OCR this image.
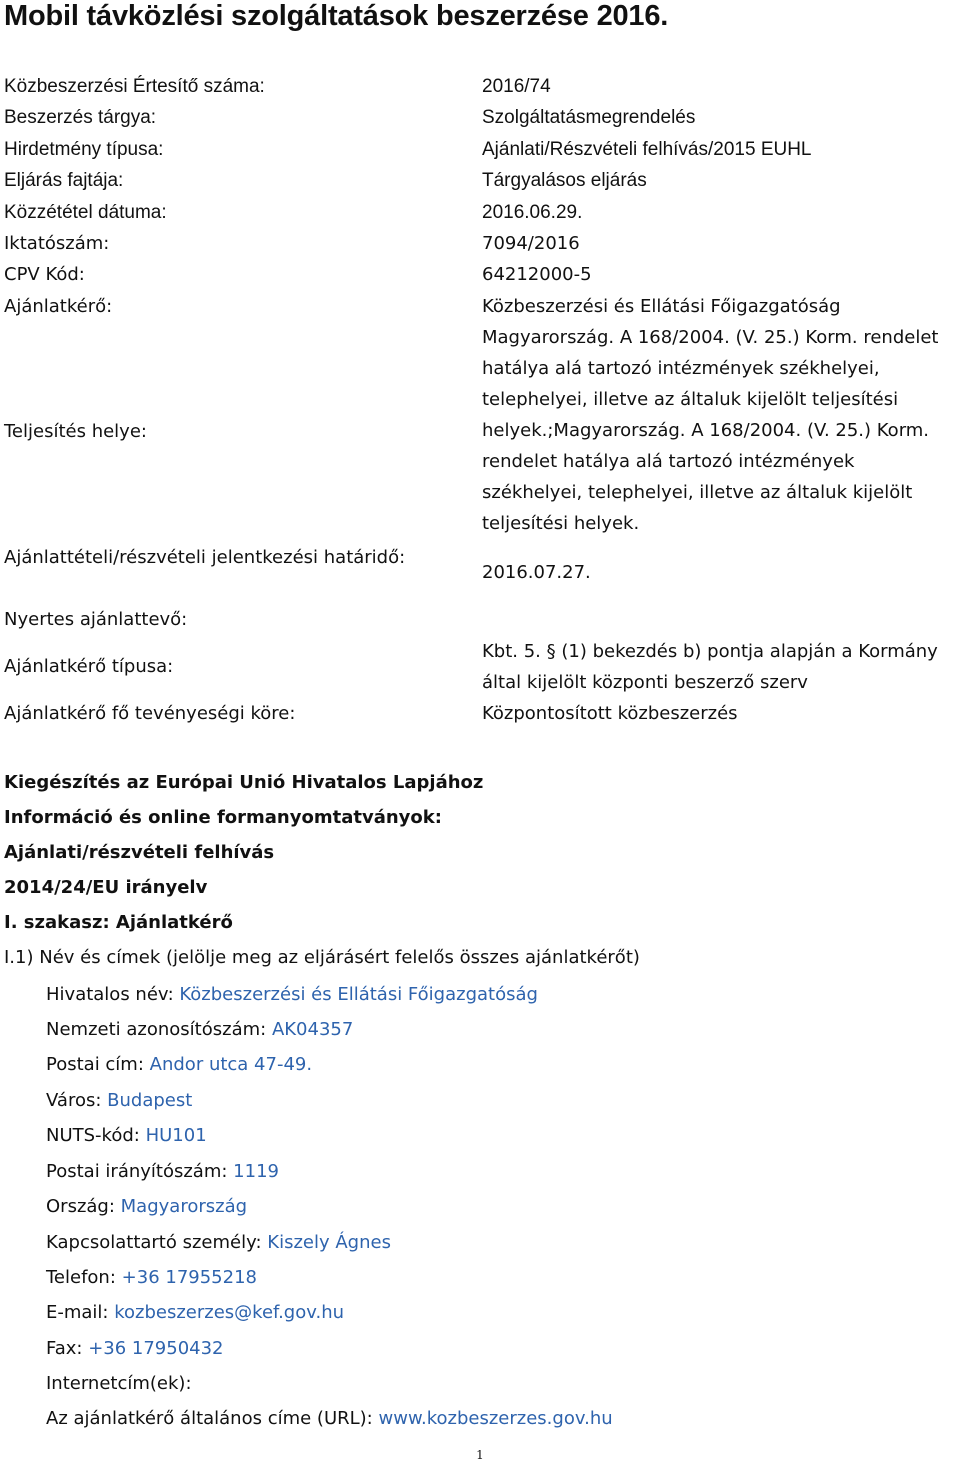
Mobil távközlési szolgáltatások beszerzése 2016.
Közbeszerzési Értesítő száma:	2016/74
Beszerzés tárgya:	Szolgáltatásmegrendelés
Hirdetmény típusa:	Ajánlati/Részvételi felhívás/2015 EUHL
Eljárás fajtája:	Tárgyalásos eljárás
Közzététel dátuma:	2016.06.29.
Iktatószám:	7094/2016
CPV Kód:	64212000-5
Ajánlatkérő:	Közbeszerzési és Ellátási Főigazgatóság
Teljesítés helye:
Magyarország. A 168/2004. (V. 25.) Korm. rendelet hatálya alá tartozó intézmények székhelyei, telephelyei, illetve az általuk kijelölt teljesítési helyek.;Magyarország. A 168/2004. (V. 25.) Korm. rendelet hatálya alá tartozó intézmények székhelyei, telephelyei, illetve az általuk kijelölt teljesítési helyek.
Ajánlattételi/részvételi jelentkezési határidő:
2016.07.27.
Nyertes ajánlattevő:
Ajánlatkérő típusa:
Kbt. 5. § (1) bekezdés b) pontja alapján a Kormány által kijelölt központi beszerző szerv
Ajánlatkérő fő tevényeségi köre:	Központosított közbeszerzés
Kiegészítés az Európai Unió Hivatalos Lapjához
Információ és online formanyomtatványok:
Ajánlati/részvételi felhívás
2014/24/EU irányelv
I. szakasz: Ajánlatkérő
I.1) Név és címek (jelölje meg az eljárásért felelős összes ajánlatkérőt)
Hivatalos név: Közbeszerzési és Ellátási Főigazgatóság
Nemzeti azonosítószám: AK04357
Postai cím: Andor utca 47-49.
Város: Budapest
NUTS-kód: HU101
Postai irányítószám: 1119
Ország: Magyarország
Kapcsolattartó személy: Kiszely Ágnes
Telefon: +36 17955218
E-mail: kozbeszerzes@kef.gov.hu
Fax: +36 17950432
Internetcím(ek):
Az ajánlatkérő általános címe (URL): www.kozbeszerzes.gov.hu
1
